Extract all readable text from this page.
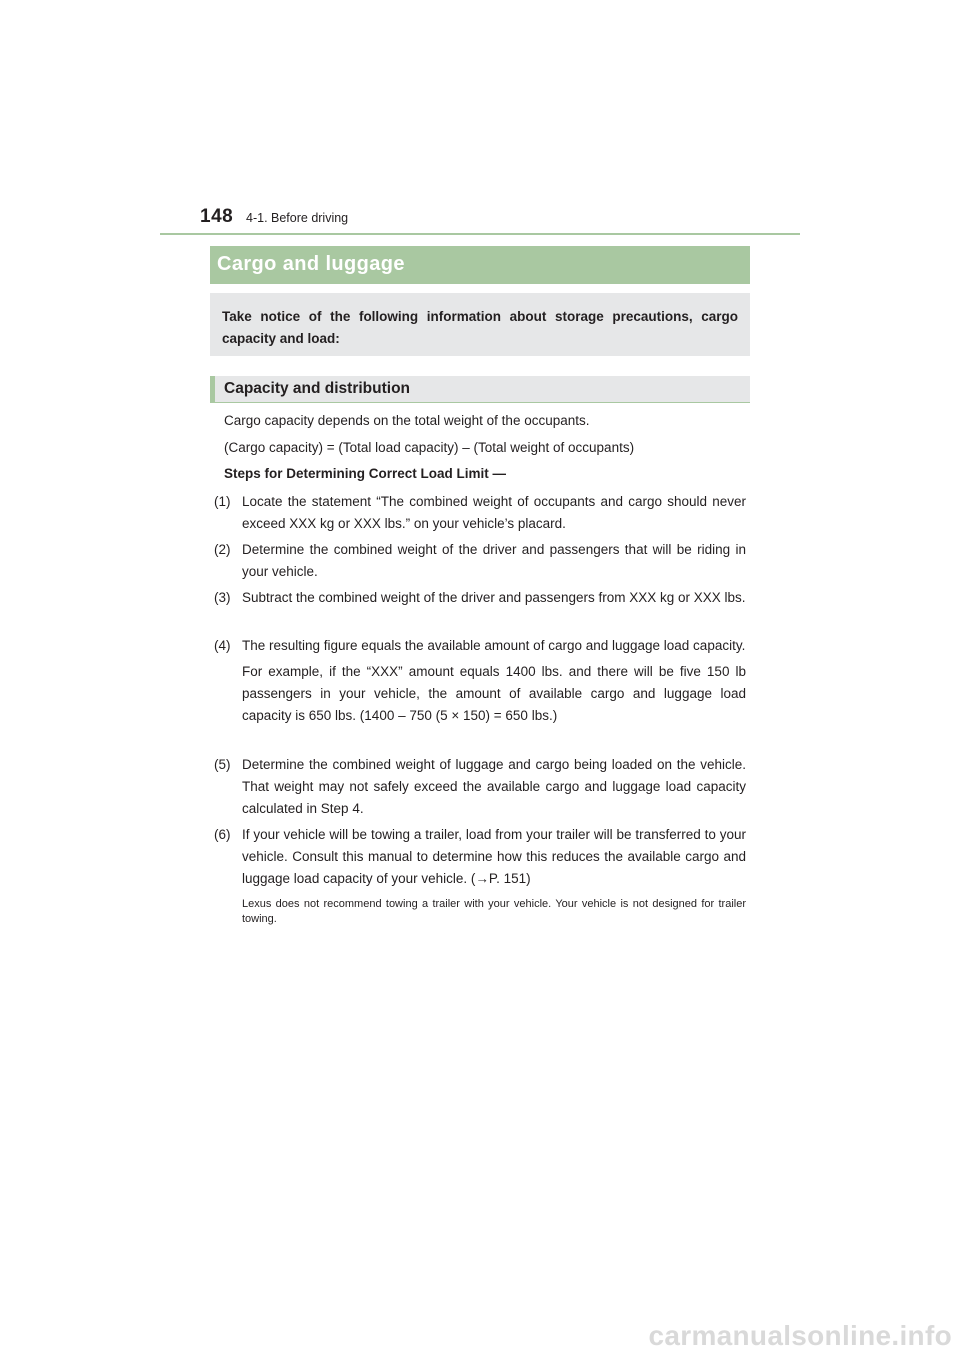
148 4-1. Before driving
Cargo and luggage
Take notice of the following information about storage precautions, cargo capacity and load:
Capacity and distribution
Cargo capacity depends on the total weight of the occupants.
(Cargo capacity) = (Total load capacity) – (Total weight of occupants)
Steps for Determining Correct Load Limit —
(1) Locate the statement “The combined weight of occupants and cargo should never exceed XXX kg or XXX lbs.” on your vehicle’s placard.
(2) Determine the combined weight of the driver and passengers that will be riding in your vehicle.
(3) Subtract the combined weight of the driver and passengers from XXX kg or XXX lbs.
(4) The resulting figure equals the available amount of cargo and luggage load capacity.
For example, if the “XXX” amount equals 1400 lbs. and there will be five 150 lb passengers in your vehicle, the amount of available cargo and luggage load capacity is 650 lbs. (1400 – 750 (5 × 150) = 650 lbs.)
(5) Determine the combined weight of luggage and cargo being loaded on the vehicle. That weight may not safely exceed the available cargo and luggage load capacity calculated in Step 4.
(6) If your vehicle will be towing a trailer, load from your trailer will be transferred to your vehicle. Consult this manual to determine how this reduces the available cargo and luggage load capacity of your vehicle. (→P. 151)
Lexus does not recommend towing a trailer with your vehicle. Your vehicle is not designed for trailer towing.
carmanualsonline.info
